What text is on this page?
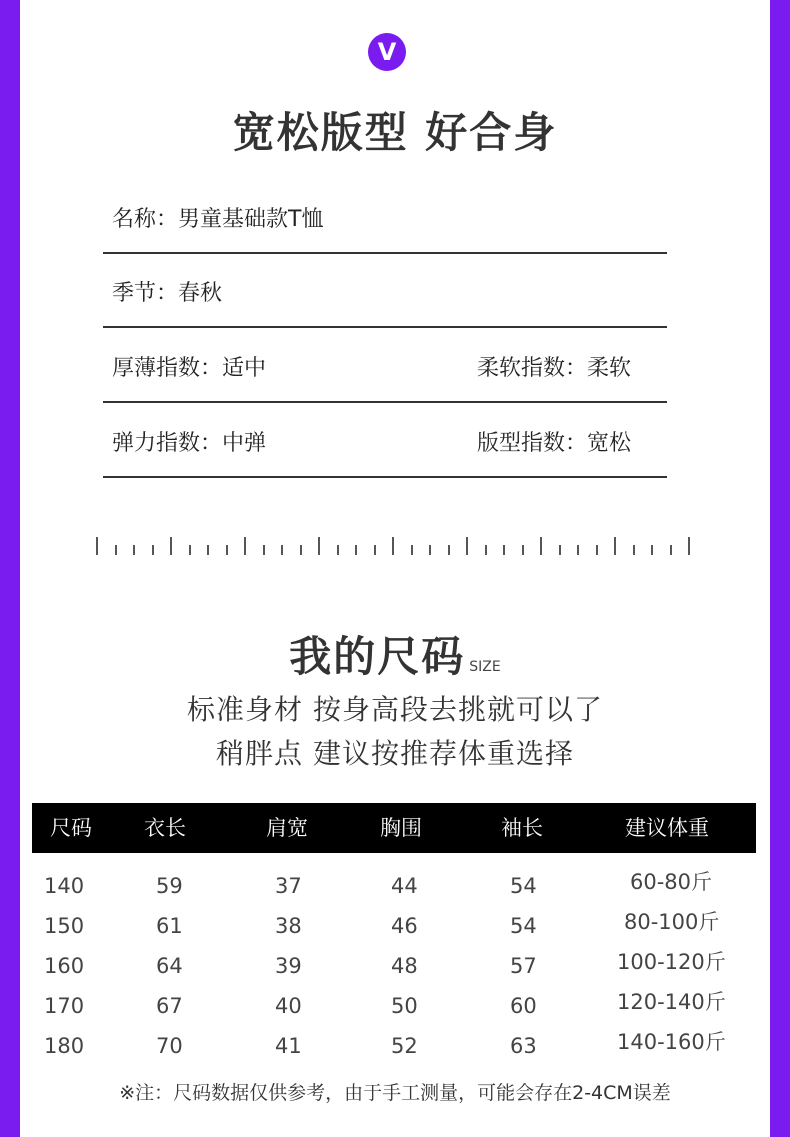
V
宽松版型 好合身
名称：男童基础款T恤
季节：春秋
厚薄指数：适中	柔软指数：柔软
弹力指数：中弹	版型指数：宽松
我的尺码 SIZE
标准身材 按身高段去挑就可以了
稍胖点 建议按推荐体重选择
尺码 衣长	肩宽	胸围	袖长	建议体重
140	59	37	44	54	60-80斤
150	61	38	46	54	80-100斤
160	64	39	48	57	100-120斤
170	67	40	50	60	120-140斤
180	70	41	52	63	140-160斤
※注：尺码数据仅供参考，由于手工测量，可能会存在2-4CM误差
